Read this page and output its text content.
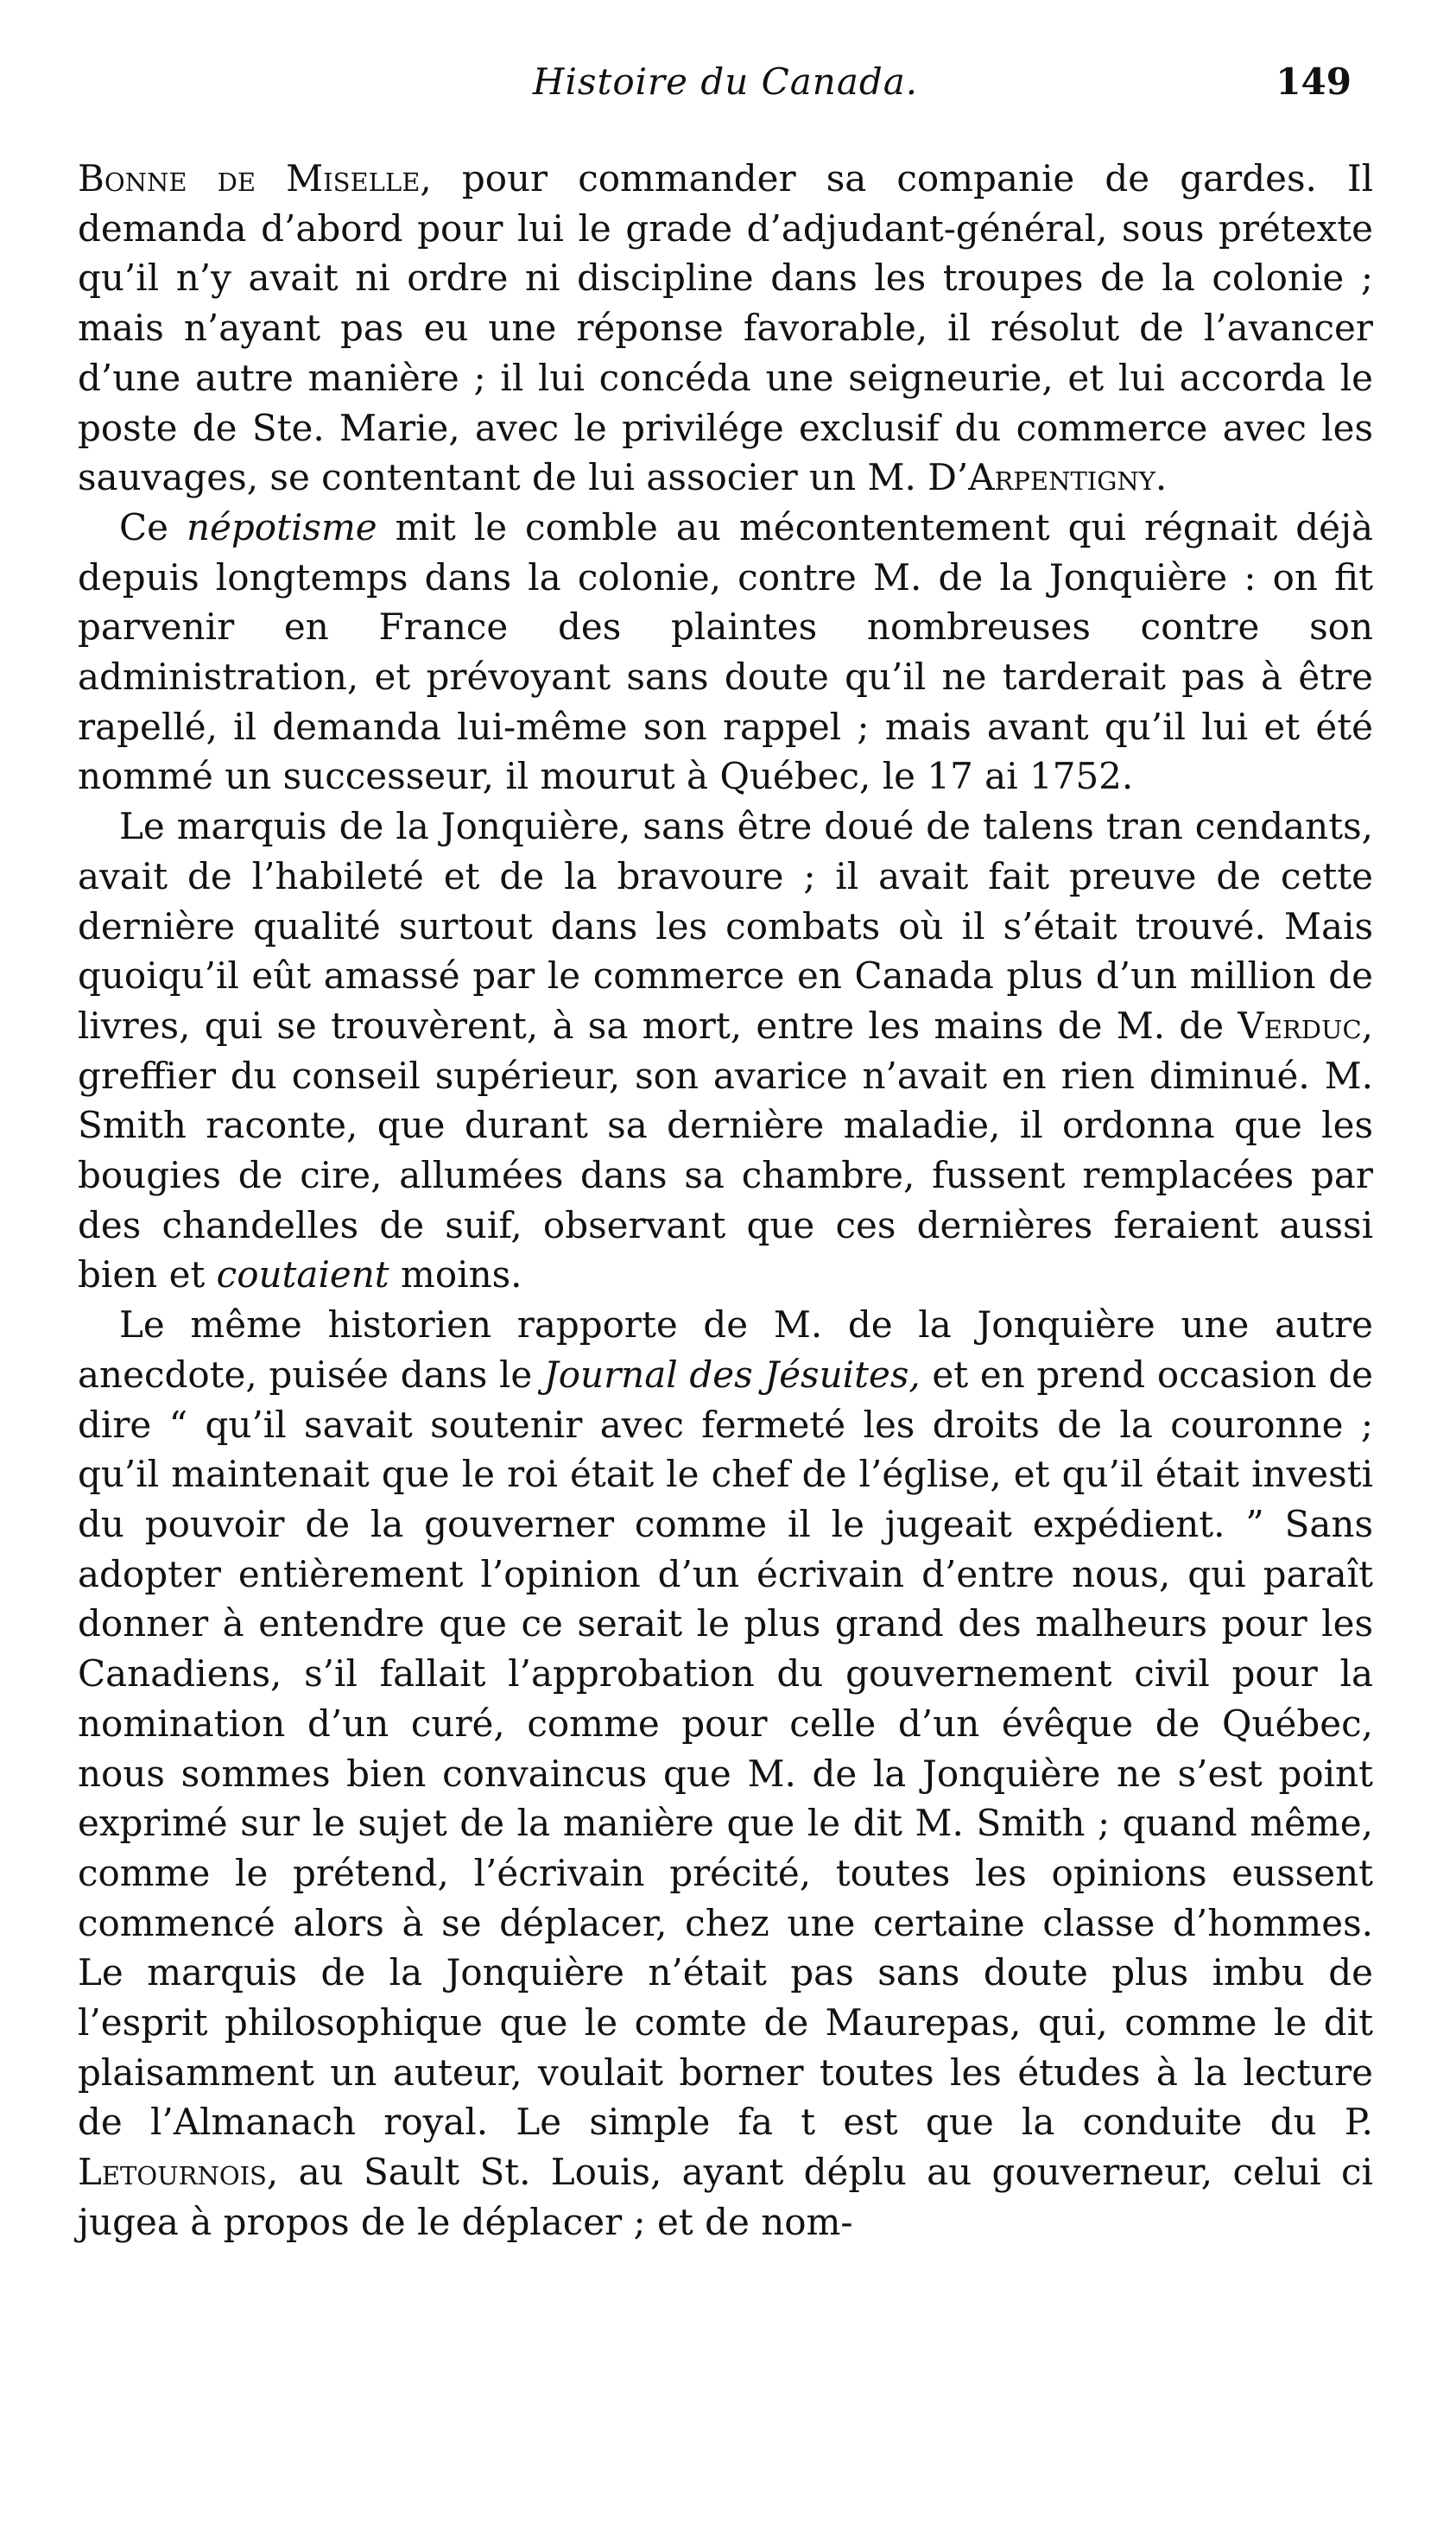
Histoire du Canada.	149

Bonne de Miselle, pour commander sa companie de gardes. Il demanda d’abord pour lui le grade d’adjudant-général, sous prétexte qu’il n’y avait ni ordre ni discipline dans les troupes de la colonie ; mais n’ayant pas eu une réponse favorable, il résolut de l’avancer d’une autre manière ; il lui concéda une seigneurie, et lui accorda le poste de Ste. Marie, avec le privilége exclusif du commerce avec les sauvages, se contentant de lui associer un M. D’Arpentigny.

Ce népotisme mit le comble au mécontentement qui régnait déjà depuis longtemps dans la colonie, contre M. de la Jonquière : on fit parvenir en France des plaintes nombreuses contre son administration, et prévoyant sans doute qu’il ne tarderait pas à être rapellé, il demanda lui-même son rappel ; mais avant qu’il lui et été nommé un successeur, il mourut à Québec, le 17 ai 1752.

Le marquis de la Jonquière, sans être doué de talens tran cendants, avait de l’habileté et de la bravoure ; il avait fait preuve de cette dernière qualité surtout dans les combats où il s’était trouvé. Mais quoiqu’il eût amassé par le commerce en Canada plus d’un million de livres, qui se trouvèrent, à sa mort, entre les mains de M. de Verduc, greffier du conseil supérieur, son avarice n’avait en rien diminué. M. Smith raconte, que durant sa dernière maladie, il ordonna que les bougies de cire, allumées dans sa chambre, fussent remplacées par des chandelles de suif, observant que ces dernières feraient aussi bien et coutaient moins.

Le même historien rapporte de M. de la Jonquière une autre anecdote, puisée dans le Journal des Jésuites, et en prend occasion de dire “ qu’il savait soutenir avec fermeté les droits de la couronne ; qu’il maintenait que le roi était le chef de l’église, et qu’il était investi du pouvoir de la gouverner comme il le jugeait expédient. ” Sans adopter entièrement l’opinion d’un écrivain d’entre nous, qui paraît donner à entendre que ce serait le plus grand des malheurs pour les Canadiens, s’il fallait l’approbation du gouvernement civil pour la nomination d’un curé, comme pour celle d’un évêque de Québec, nous sommes bien convaincus que M. de la Jonquière ne s’est point exprimé sur le sujet de la manière que le dit M. Smith ; quand même, comme le prétend, l’écrivain précité, toutes les opinions eussent commencé alors à se déplacer, chez une certaine classe d’hommes. Le marquis de la Jonquière n’était pas sans doute plus imbu de l’esprit philosophique que le comte de Maurepas, qui, comme le dit plaisamment un auteur, voulait borner toutes les études à la lecture de l’Almanach royal. Le simple fa t est que la conduite du P. Letournois, au Sault St. Louis, ayant déplu au gouverneur, celui ci jugea à propos de le déplacer ; et de nom-
